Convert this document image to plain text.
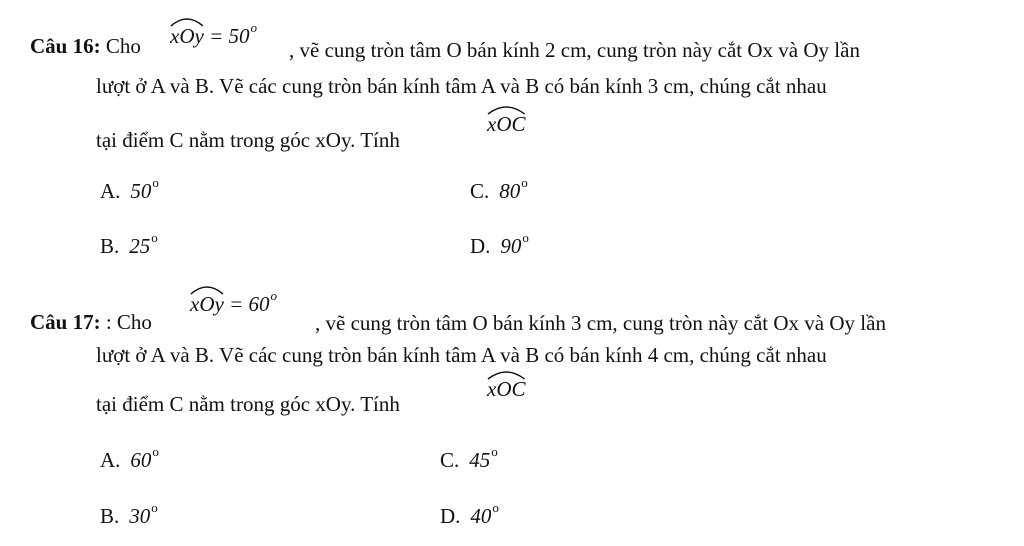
Câu 16: Cho xOy = $50^o$
, vẽ cung tròn tâm O bán kính 2 cm, cung tròn này cắt Ox và Oy lần
lượt ở A và B. Vẽ các cung tròn bán kính tâm A và B có bán kính 3 cm, chúng cắt nhau
tại điểm C nằm trong góc xOy. Tính
xOC
A. 50$^o$	C. 80$^o$
B. 25$^o$	D. 90$^o$
Câu 17: : Cho
xOy = $60^o$
, vẽ cung tròn tâm O bán kính 3 cm, cung tròn này cắt Ox và Oy lần
lượt ở A và B. Vẽ các cung tròn bán kính tâm A và B có bán kính 4 cm, chúng cắt nhau
tại điểm C nằm trong góc xOy. Tính
xOC
A. 60$^o$	C. 45$^o$
B. 30$^o$	D. 40$^o$
